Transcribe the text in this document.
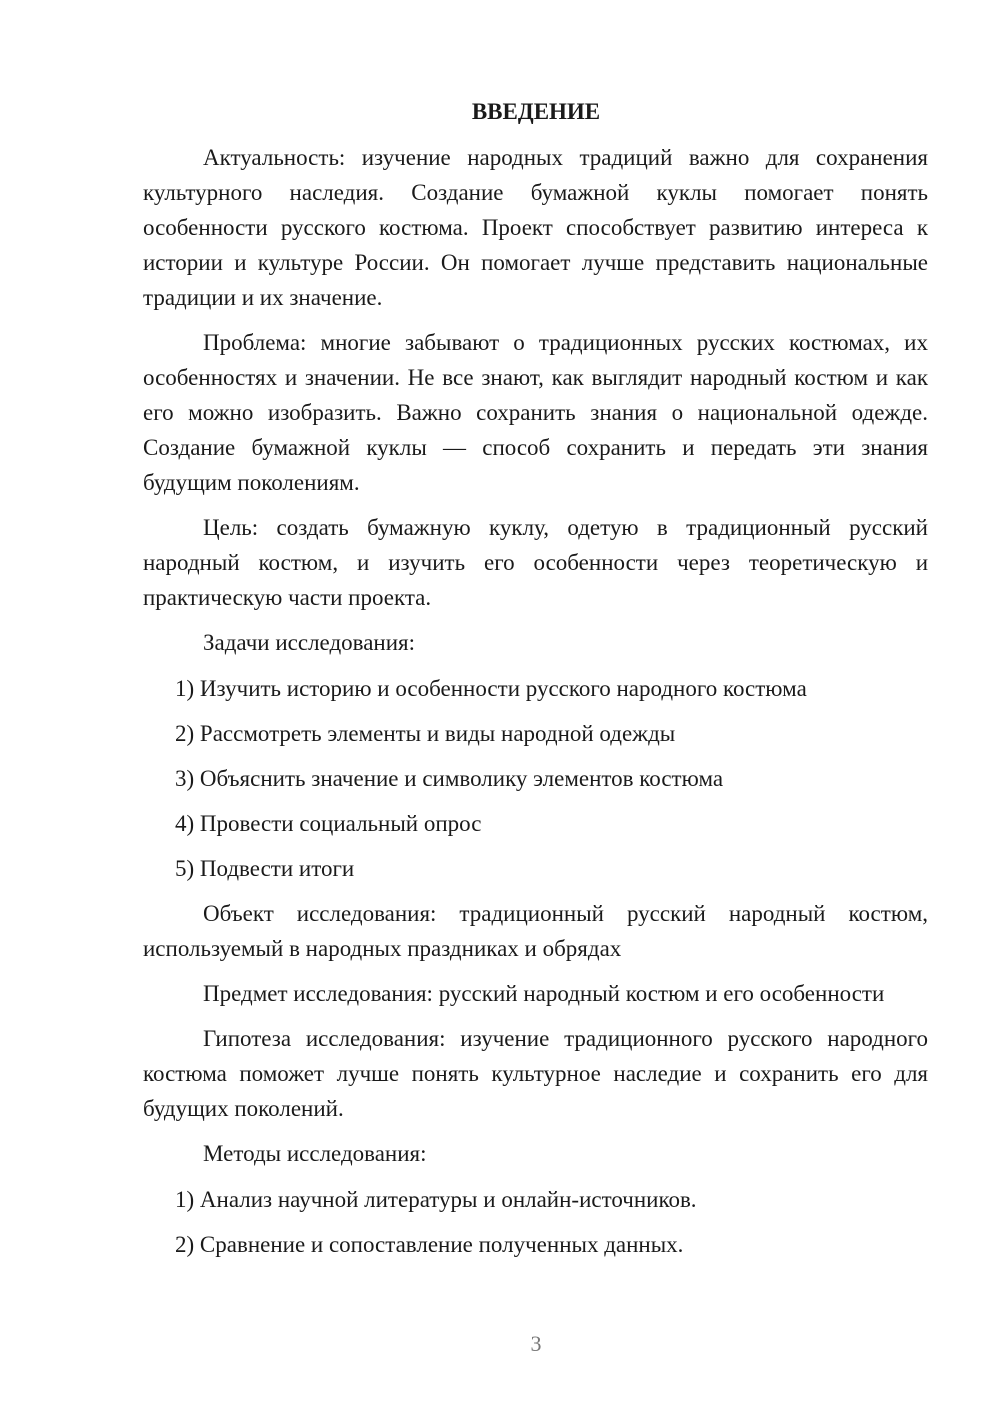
ВВЕДЕНИЕ

Актуальность: изучение народных традиций важно для сохранения культурного наследия. Создание бумажной куклы помогает понять особенности русского костюма. Проект способствует развитию интереса к истории и культуре России. Он помогает лучше представить национальные традиции и их значение.

Проблема: многие забывают о традиционных русских костюмах, их особенностях и значении. Не все знают, как выглядит народный костюм и как его можно изобразить. Важно сохранить знания о национальной одежде. Создание бумажной куклы — способ сохранить и передать эти знания будущим поколениям.

Цель: создать бумажную куклу, одетую в традиционный русский народный костюм, и изучить его особенности через теоретическую и практическую части проекта.

Задачи исследования:

1) Изучить историю и особенности русского народного костюма
2) Рассмотреть элементы и виды народной одежды
3) Объяснить значение и символику элементов костюма
4) Провести социальный опрос
5) Подвести итоги

Объект исследования: традиционный русский народный костюм, используемый в народных праздниках и обрядах

Предмет исследования: русский народный костюм и его особенности

Гипотеза исследования: изучение традиционного русского народного костюма поможет лучше понять культурное наследие и сохранить его для будущих поколений.

Методы исследования:

1) Анализ научной литературы и онлайн-источников.
2) Сравнение и сопоставление полученных данных.
3
